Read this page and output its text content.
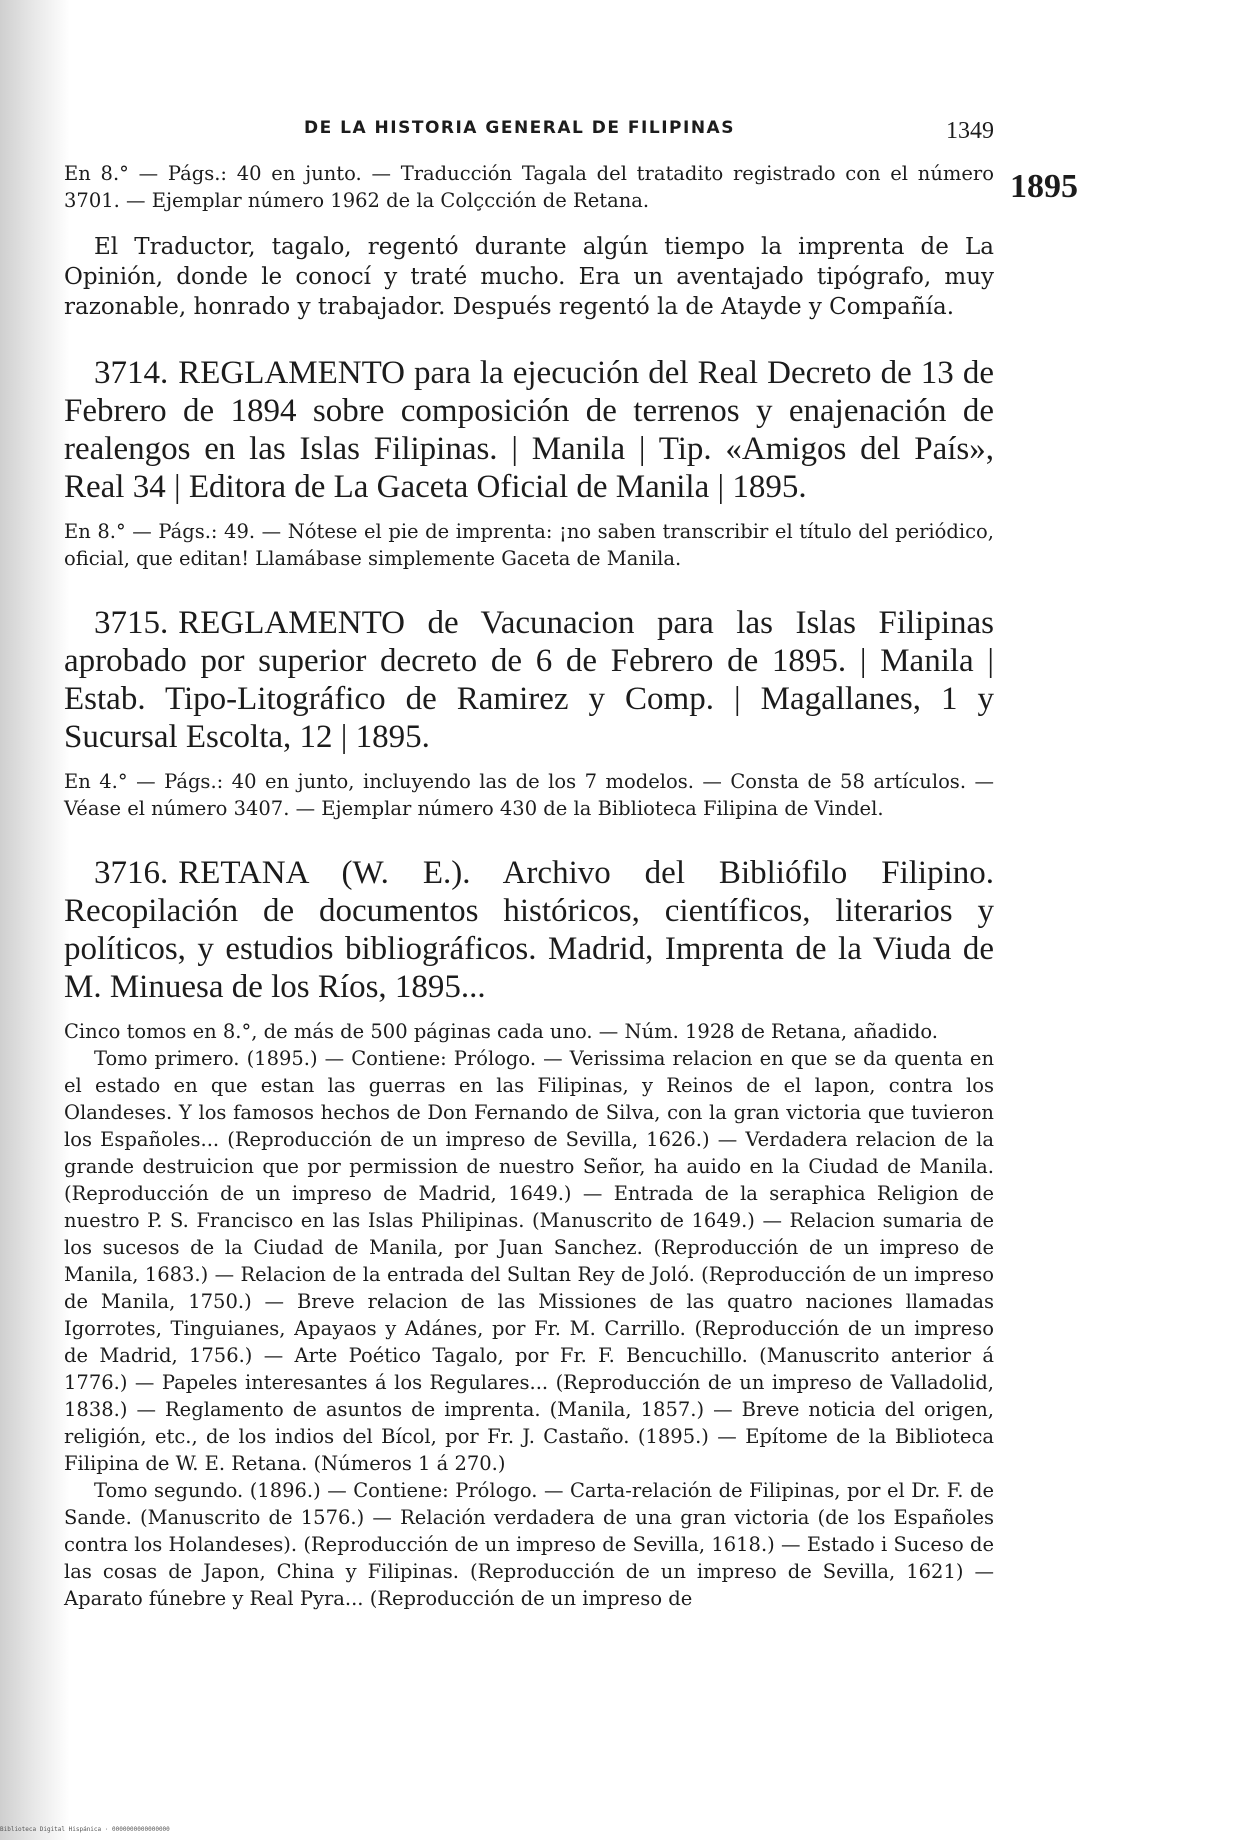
DE LA HISTORIA GENERAL DE FILIPINAS	1349
1895

En 8.° — Págs.: 40 en junto. — Traducción Tagala del tratadito registrado con el número 3701. — Ejemplar número 1962 de la Colçcción de Retana.

El Traductor, tagalo, regentó durante algún tiempo la imprenta de La Opinión, donde le conocí y traté mucho. Era un aventajado tipógrafo, muy razonable, honrado y trabajador. Después regentó la de Atayde y Compañía.

3714. REGLAMENTO para la ejecución del Real Decreto de 13 de Febrero de 1894 sobre composición de terrenos y enajenación de realengos en las Islas Filipinas. | Manila | Tip. «Amigos del País», Real 34 | Editora de La Gaceta Oficial de Manila | 1895.

En 8.° — Págs.: 49. — Nótese el pie de imprenta: ¡no saben transcribir el título del periódico, oficial, que editan! Llamábase simplemente Gaceta de Manila.

3715. REGLAMENTO de Vacunacion para las Islas Filipinas aprobado por superior decreto de 6 de Febrero de 1895. | Manila | Estab. Tipo-Litográfico de Ramirez y Comp. | Magallanes, 1 y Sucursal Escolta, 12 | 1895.

En 4.° — Págs.: 40 en junto, incluyendo las de los 7 modelos. — Consta de 58 artículos. — Véase el número 3407. — Ejemplar número 430 de la Biblioteca Filipina de Vindel.

3716. RETANA (W. E.). Archivo del Bibliófilo Filipino. Recopilación de documentos históricos, científicos, literarios y políticos, y estudios bibliográficos. Madrid, Imprenta de la Viuda de M. Minuesa de los Ríos, 1895...

Cinco tomos en 8.°, de más de 500 páginas cada uno. — Núm. 1928 de Retana, añadido.

Tomo primero. (1895.) — Contiene: Prólogo. — Verissima relacion en que se da quenta en el estado en que estan las guerras en las Filipinas, y Reinos de el lapon, contra los Olandeses. Y los famosos hechos de Don Fernando de Silva, con la gran victoria que tuvieron los Españoles... (Reproducción de un impreso de Sevilla, 1626.) — Verdadera relacion de la grande destruicion que por permission de nuestro Señor, ha auido en la Ciudad de Manila. (Reproducción de un impreso de Madrid, 1649.) — Entrada de la seraphica Religion de nuestro P. S. Francisco en las Islas Philipinas. (Manuscrito de 1649.) — Relacion sumaria de los sucesos de la Ciudad de Manila, por Juan Sanchez. (Reproducción de un impreso de Manila, 1683.) — Relacion de la entrada del Sultan Rey de Joló. (Reproducción de un impreso de Manila, 1750.) — Breve relacion de las Missiones de las quatro naciones llamadas Igorrotes, Tinguianes, Apayaos y Adánes, por Fr. M. Carrillo. (Reproducción de un impreso de Madrid, 1756.) — Arte Poético Tagalo, por Fr. F. Bencuchillo. (Manuscrito anterior á 1776.) — Papeles interesantes á los Regulares... (Reproducción de un impreso de Valladolid, 1838.) — Reglamento de asuntos de imprenta. (Manila, 1857.) — Breve noticia del origen, religión, etc., de los indios del Bícol, por Fr. J. Castaño. (1895.) — Epítome de la Biblioteca Filipina de W. E. Retana. (Números 1 á 270.)

Tomo segundo. (1896.) — Contiene: Prólogo. — Carta-relación de Filipinas, por el Dr. F. de Sande. (Manuscrito de 1576.) — Relación verdadera de una gran victoria (de los Españoles contra los Holandeses). (Reproducción de un impreso de Sevilla, 1618.) — Estado i Suceso de las cosas de Japon, China y Filipinas. (Reproducción de un impreso de Sevilla, 1621) — Aparato fúnebre y Real Pyra... (Reproducción de un impreso de

Biblioteca Digital Hispánica · 0000000000000000
